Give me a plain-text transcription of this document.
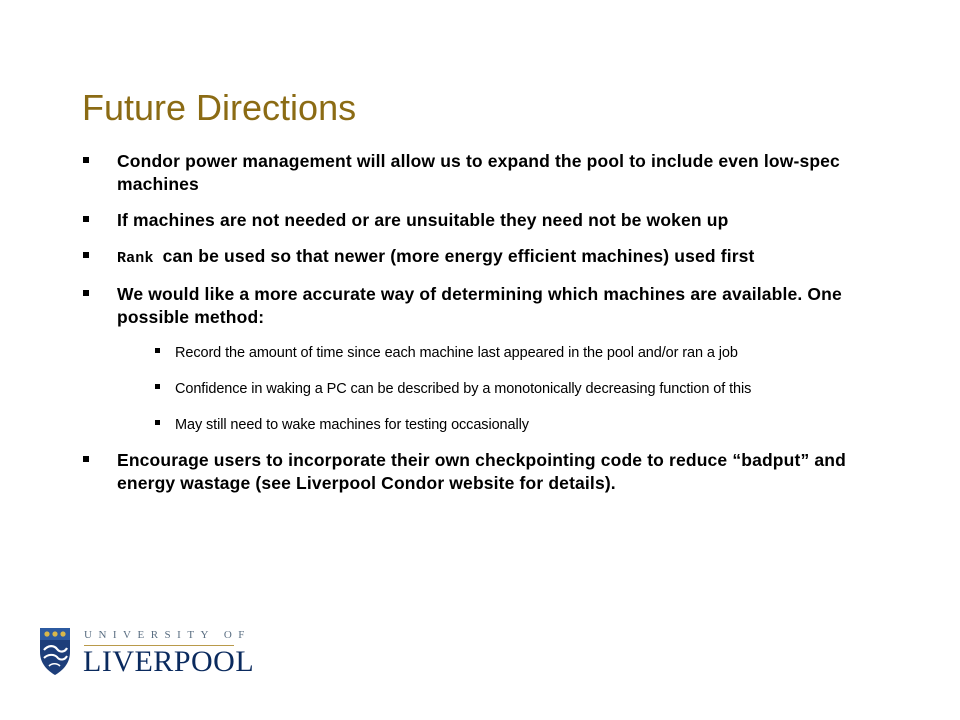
Future Directions
Condor power management will allow us to expand the pool to include even low-spec machines
If machines are not needed or are unsuitable they need not be woken up
Rank can be used so that newer (more energy efficient machines) used first
We would like a more accurate way of determining which machines are available. One possible method:
Record the amount of time since each machine last appeared in the pool and/or ran a job
Confidence in waking a PC can be described by a monotonically decreasing function of this
May still need to wake machines for testing occasionally
Encourage users to incorporate their own checkpointing code to reduce “badput” and energy wastage (see Liverpool Condor website for details).
UNIVERSITY OF
LIVERPOOL
